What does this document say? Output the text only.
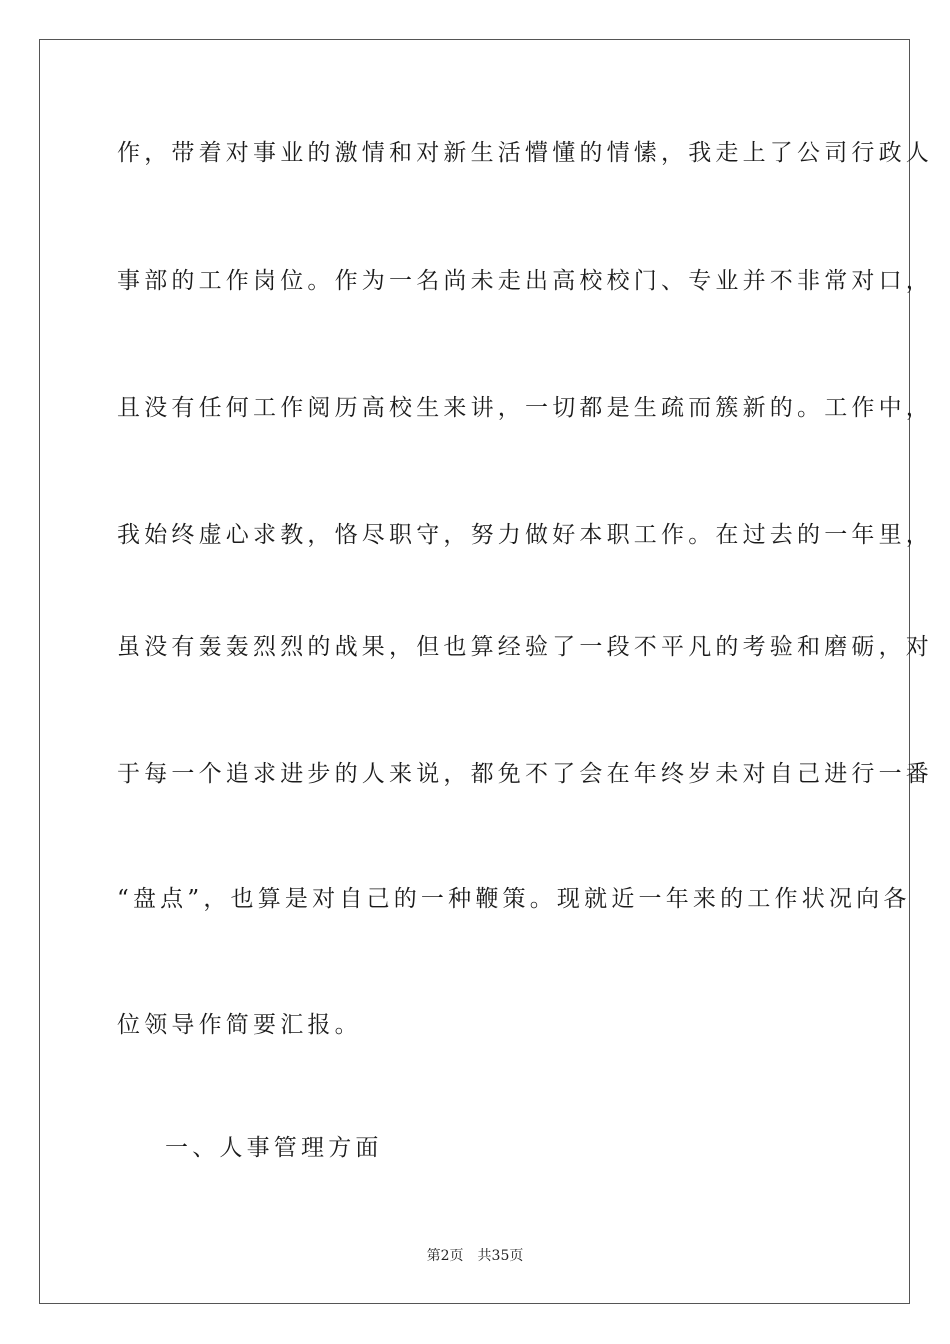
作，带着对事业的激情和对新生活懵懂的情愫，我走上了公司行政人
事部的工作岗位。作为一名尚未走出高校校门、专业并不非常对口，
且没有任何工作阅历高校生来讲，一切都是生疏而簇新的。工作中，
我始终虚心求教，恪尽职守，努力做好本职工作。在过去的一年里，
虽没有轰轰烈烈的战果，但也算经验了一段不平凡的考验和磨砺，对
于每一个追求进步的人来说，都免不了会在年终岁未对自己进行一番
“盘点”，也算是对自己的一种鞭策。现就近一年来的工作状况向各
位领导作简要汇报。
一、人事管理方面
第2页 共35页
